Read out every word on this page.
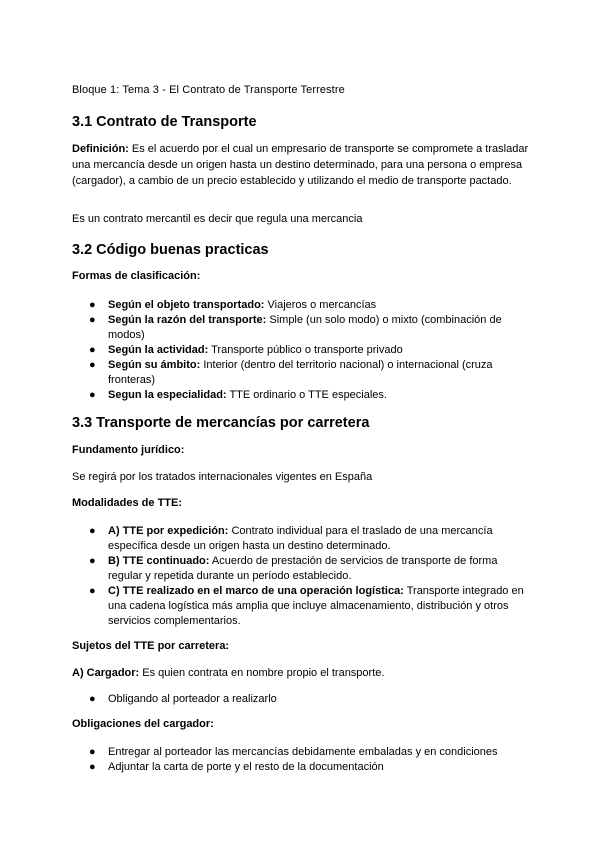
Bloque 1: Tema 3 - El Contrato de Transporte Terrestre
3.1 Contrato de Transporte

Definición: Es el acuerdo por el cual un empresario de transporte se compromete a trasladar una mercancía desde un origen hasta un destino determinado, para una persona o empresa (cargador), a cambio de un precio establecido y utilizando el medio de transporte pactado.

Es un contrato mercantil es decir que regula una mercancia

3.2 Código buenas practicas
Formas de clasificación:
● Según el objeto transportado: Viajeros o mercancías
● Según la razón del transporte: Simple (un solo modo) o mixto (combinación de modos)
● Según la actividad: Transporte público o transporte privado
● Según su ámbito: Interior (dentro del territorio nacional) o internacional (cruza fronteras)
● Segun la especialidad: TTE ordinario o TTE especiales.
3.3 Transporte de mercancías por carretera
Fundamento jurídico:

Se regirá por los tratados internacionales vigentes en España

Modalidades de TTE:
● A) TTE por expedición: Contrato individual para el traslado de una mercancía específica desde un origen hasta un destino determinado.
● B) TTE continuado: Acuerdo de prestación de servicios de transporte de forma regular y repetida durante un período establecido.
● C) TTE realizado en el marco de una operación logística: Transporte integrado en una cadena logística más amplia que incluye almacenamiento, distribución y otros servicios complementarios.
Sujetos del TTE por carretera:

A) Cargador: Es quien contrata en nombre propio el transporte.

● Obligando al porteador a realizarlo
Obligaciones del cargador:
● Entregar al porteador las mercancías debidamente embaladas y en condiciones
● Adjuntar la carta de porte y el resto de la documentación
